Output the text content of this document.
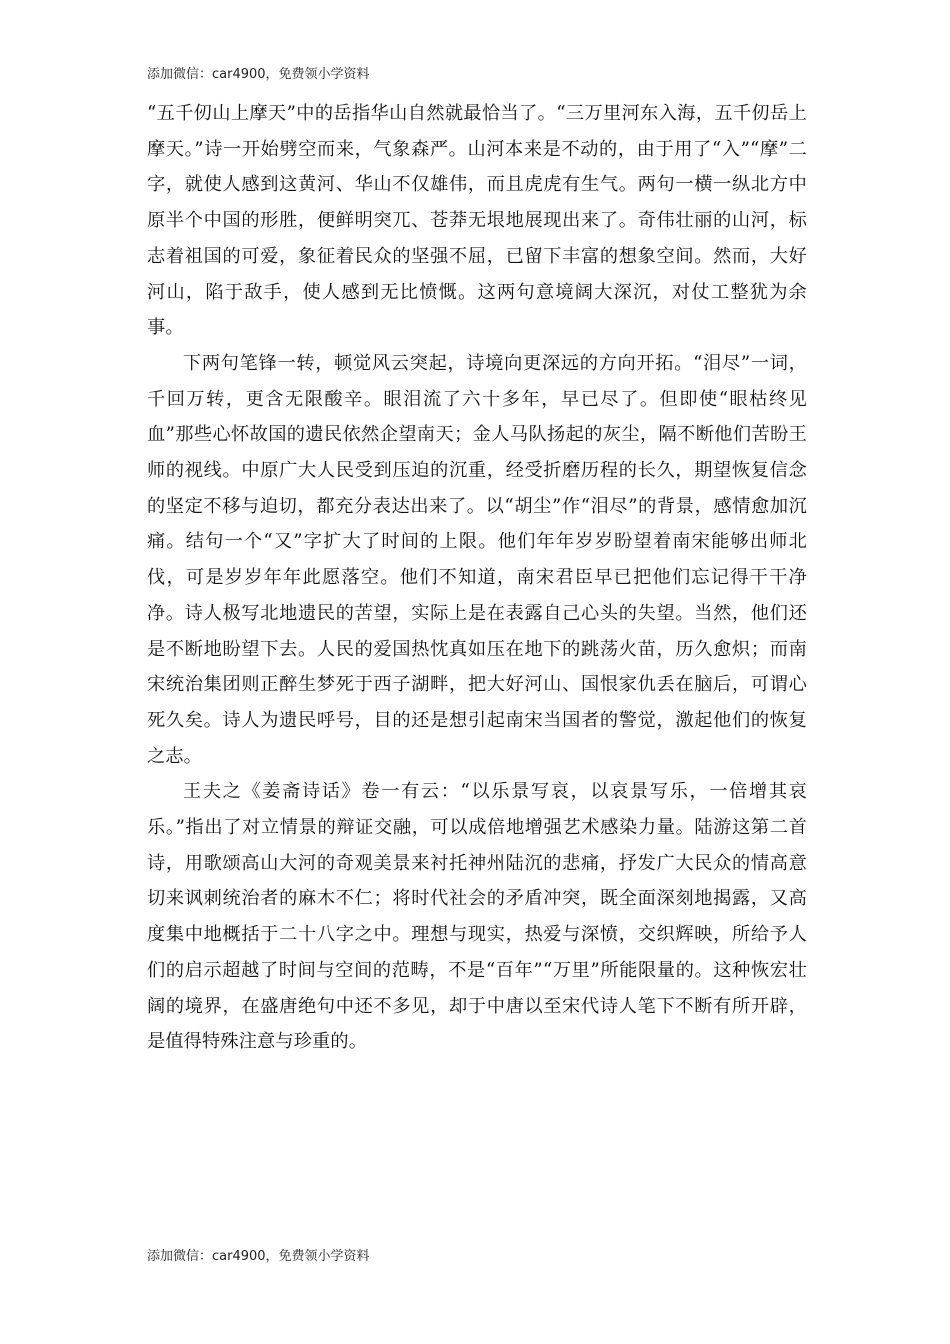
添加微信：car4900，免费领小学资料

“五千仞山上摩天”中的岳指华山自然就最恰当了。“三万里河东入海，五千仞岳上摩天。”诗一开始劈空而来，气象森严。山河本来是不动的，由于用了“入”“摩”二字，就使人感到这黄河、华山不仅雄伟，而且虎虎有生气。两句一横一纵北方中原半个中国的形胜，便鲜明突兀、苍莽无垠地展现出来了。奇伟壮丽的山河，标志着祖国的可爱，象征着民众的坚强不屈，已留下丰富的想象空间。然而，大好河山，陷于敌手，使人感到无比愤慨。这两句意境阔大深沉，对仗工整犹为余事。

下两句笔锋一转，顿觉风云突起，诗境向更深远的方向开拓。“泪尽”一词，千回万转，更含无限酸辛。眼泪流了六十多年，早已尽了。但即使“眼枯终见血”那些心怀故国的遗民依然企望南天；金人马队扬起的灰尘，隔不断他们苦盼王师的视线。中原广大人民受到压迫的沉重，经受折磨历程的长久，期望恢复信念的坚定不移与迫切，都充分表达出来了。以“胡尘”作“泪尽”的背景，感情愈加沉痛。结句一个“又”字扩大了时间的上限。他们年年岁岁盼望着南宋能够出师北伐，可是岁岁年年此愿落空。他们不知道，南宋君臣早已把他们忘记得干干净净。诗人极写北地遗民的苦望，实际上是在表露自己心头的失望。当然，他们还是不断地盼望下去。人民的爱国热忱真如压在地下的跳荡火苗，历久愈炽；而南宋统治集团则正醉生梦死于西子湖畔，把大好河山、国恨家仇丢在脑后，可谓心死久矣。诗人为遗民呼号，目的还是想引起南宋当国者的警觉，激起他们的恢复之志。

王夫之《姜斋诗话》卷一有云：“以乐景写哀，以哀景写乐，一倍增其哀乐。”指出了对立情景的辩证交融，可以成倍地增强艺术感染力量。陆游这第二首诗，用歌颂高山大河的奇观美景来衬托神州陆沉的悲痛，抒发广大民众的情高意切来讽刺统治者的麻木不仁；将时代社会的矛盾冲突，既全面深刻地揭露，又高度集中地概括于二十八字之中。理想与现实，热爱与深愤，交织辉映，所给予人们的启示超越了时间与空间的范畴，不是“百年”“万里”所能限量的。这种恢宏壮阔的境界，在盛唐绝句中还不多见，却于中唐以至宋代诗人笔下不断有所开辟，是值得特殊注意与珍重的。

添加微信：car4900，免费领小学资料
